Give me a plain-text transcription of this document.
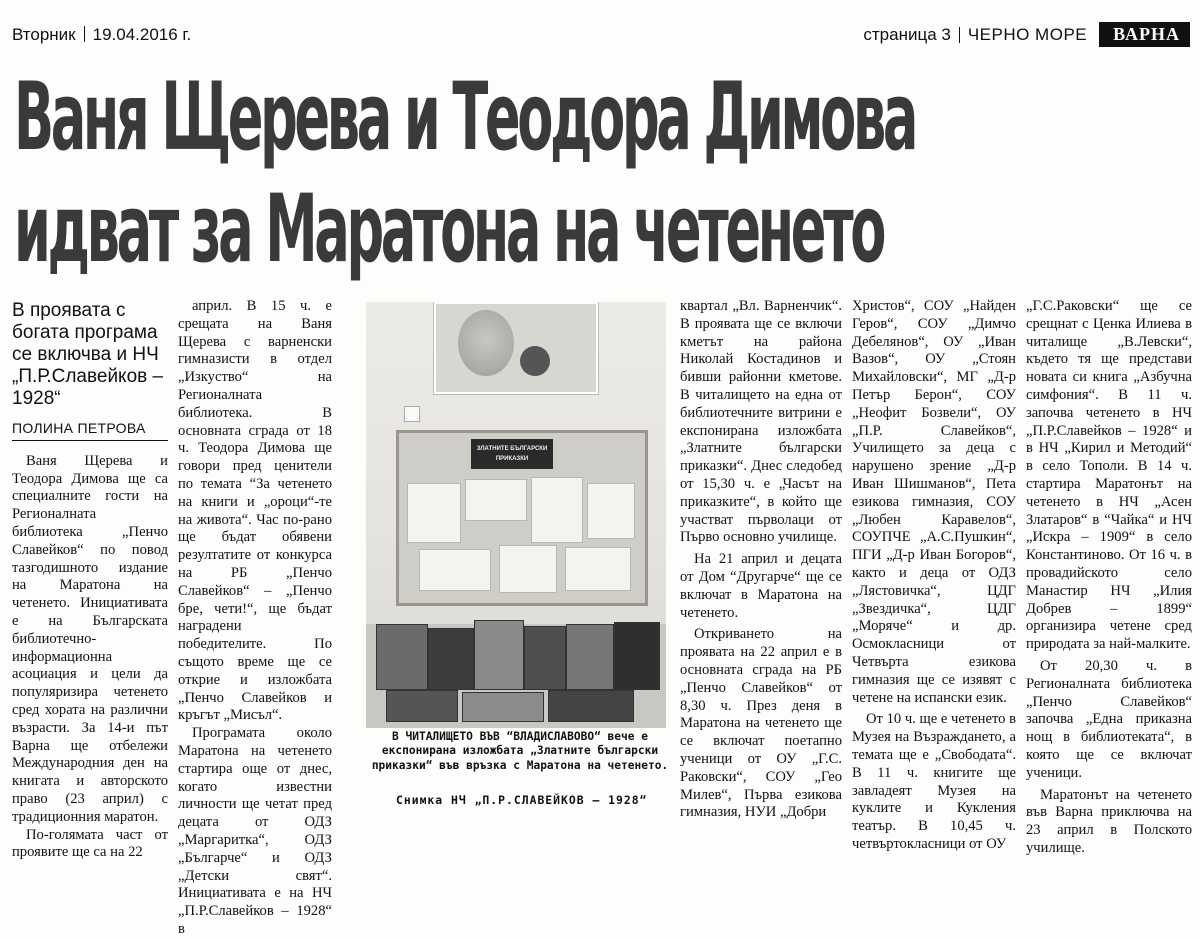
Вторник 19.04.2016 г.	страница 3 ЧЕРНО МОРЕ	ВАРНА
Ваня Щерева и Теодора Димова
идват за Маратона на четенето
В проявата с богата програма се включва и НЧ „П.Р.Славейков – 1928“
ПОЛИНА ПЕТРОВА

Ваня Щерева и Теодора Димова ще са специалните гости на Регионалната библиотека „Пенчо Славейков“ по повод тазгодишното издание на Маратона на четенето. Инициативата е на Българската библиотечно-информационна асоциация и цели да популяризира четенето сред хората на различни възрасти. За 14-и път Варна ще отбележи Международния ден на книгата и авторското право (23 април) с традиционния маратон.

По-голямата част от проявите ще са на 22

април. В 15 ч. е срещата на Ваня Щерева с варненски гимназисти в отдел „Изкуство“ на Регионалната библиотека. В основната сграда от 18 ч. Теодора Димова ще говори пред ценители по темата “За четенето на книги и „ороци“-те на живота“. Час по-рано ще бъдат обявени резултатите от конкурса на РБ „Пенчо Славейков“ – „Пенчо бре, чети!“, ще бъдат наградени победителите. По същото време ще се открие и изложбата „Пенчо Славейков и кръгът „Мисъл“.

Програмата около Маратона на четенето стартира още от днес, когато известни личности ще четат пред децата от ОДЗ „Маргаритка“, ОДЗ „Българче“ и ОДЗ „Детски свят“. Инициативата е на НЧ „П.Р.Славейков – 1928“ в

ЗЛАТНИТЕ БЪЛГАРСКИ ПРИКАЗКИ
В ЧИТАЛИЩЕТО ВЪВ “ВЛАДИСЛАВОВО“ вече е експонирана изложбата „Златните български приказки“ във връзка с Маратона на четенето.
Снимка НЧ „П.Р.СЛАВЕЙКОВ – 1928“

квартал „Вл. Варненчик“. В проявата ще се включи кметът на района Николай Костадинов и бивши районни кметове. В читалището на една от библиотечните витрини е експонирана изложбата „Златните български приказки“. Днес следобед от 15,30 ч. е „Часът на приказките“, в който ще участват първолаци от Първо основно училище.

На 21 април и децата от Дом “Другарче“ ще се включат в Маратона на четенето.

Откриването на проявата на 22 април е в основната сграда на РБ „Пенчо Славейков“ от 8,30 ч. През деня в Маратона на четенето ще се включат поетапно ученици от ОУ „Г.С. Раковски“, СОУ „Гео Милев“, Първа езикова гимназия, НУИ „Добри

Христов“, СОУ „Найден Геров“, СОУ „Димчо Дебелянов“, ОУ „Иван Вазов“, ОУ „Стоян Михайловски“, МГ „Д-р Петър Берон“, СОУ „Неофит Бозвели“, ОУ „П.Р. Славейков“, Училището за деца с нарушено зрение „Д-р Иван Шишманов“, Пета езикова гимназия, СОУ „Любен Каравелов“, СОУПЧЕ „А.С.Пушкин“, ПГИ „Д-р Иван Богоров“, както и деца от ОДЗ „Лястовичка“, ЦДГ „Звездичка“, ЦДГ „Моряче“ и др. Осмокласници от Четвърта езикова гимназия ще се изявят с четене на испански език.

От 10 ч. ще е четенето в Музея на Възраждането, а темата ще е „Свободата“. В 11 ч. книгите ще завладеят Музея на куклите и Кукления театър. В 10,45 ч. четвъртокласници от ОУ

„Г.С.Раковски“ ще се срещнат с Ценка Илиева в читалище „В.Левски“, където тя ще представи новата си книга „Азбучна симфония“. В 11 ч. започва четенето в НЧ „П.Р.Славейков – 1928“ и в НЧ „Кирил и Методий“ в село Тополи. В 14 ч. стартира Маратонът на четенето в НЧ „Асен Златаров“ в “Чайка“ и НЧ „Искра – 1909“ в село Константиново. От 16 ч. в провадийското село Манастир НЧ „Илия Добрев – 1899“ организира четене сред природата за най-малките.

От 20,30 ч. в Регионалната библиотека „Пенчо Славейков“ започва „Една приказна нощ в библиотеката“, в която ще се включат ученици.

Маратонът на четенето във Варна приключва на 23 април в Полското училище.
